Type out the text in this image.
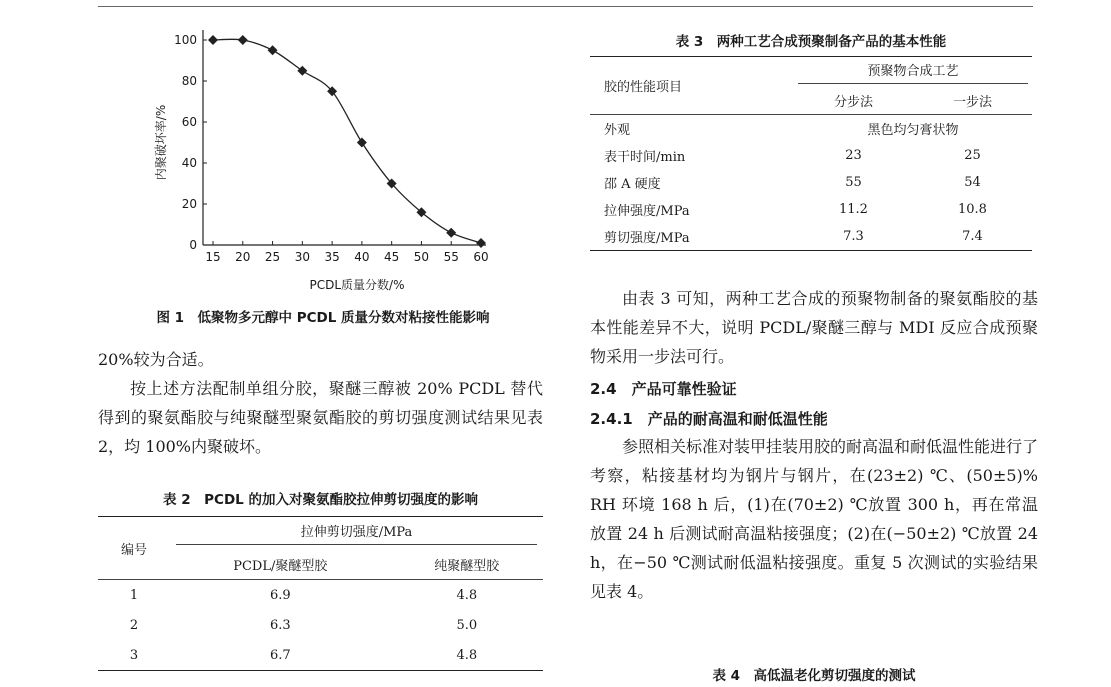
15 20 25 30 35 40 45 50 55 60
0
20
40
60
80
100
PCDL质量分数/%
内聚破坏率/%
图 1　低聚物多元醇中 PCDL 质量分数对粘接性能影响
20%较为合适。
按上述方法配制单组分胶，聚醚三醇被 20% PCDL 替代得到的聚氨酯胶与纯聚醚型聚氨酯胶的剪切强度测试结果见表 2，均 100%内聚破坏。
表 2　PCDL 的加入对聚氨酯胶拉伸剪切强度的影响
编号	拉伸剪切强度/MPa	

	PCDL/聚醚型胶	纯聚醚型胶
1	6.9	4.8
2	6.3	5.0
3	6.7	4.8
表 3　两种工艺合成预聚制备产品的基本性能
胶的性能项目	预聚物合成工艺	

	分步法	一步法
外观	黑色均匀膏状物	
表干时间/min	23	25
邵 A 硬度	55	54
拉伸强度/MPa	11.2	10.8
剪切强度/MPa	7.3	7.4
由表 3 可知，两种工艺合成的预聚物制备的聚氨酯胶的基本性能差异不大，说明 PCDL/聚醚三醇与 MDI 反应合成预聚物采用一步法可行。
2.4　产品可靠性验证
2.4.1　产品的耐高温和耐低温性能
参照相关标准对装甲挂装用胶的耐高温和耐低温性能进行了考察，粘接基材均为钢片与钢片，在(23±2) ℃、(50±5)% RH 环境 168 h 后，(1)在(70±2) ℃放置 300 h，再在常温放置 24 h 后测试耐高温粘接强度；(2)在(−50±2) ℃放置 24 h，在−50 ℃测试耐低温粘接强度。重复 5 次测试的实验结果见表 4。
表 4　高低温老化剪切强度的测试
